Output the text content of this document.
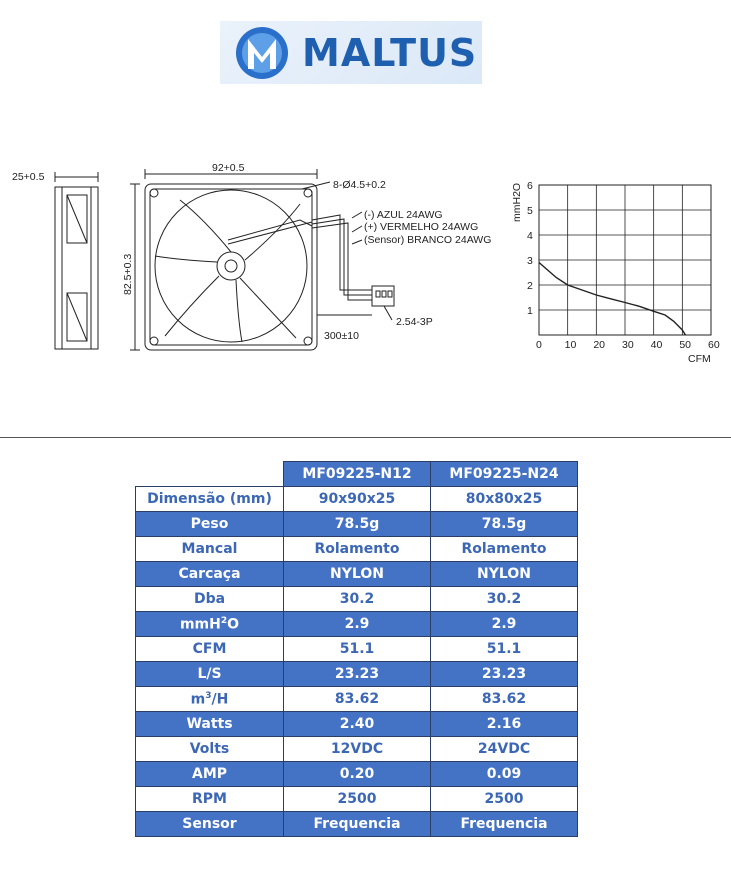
MALTUS
25+0.5
92+0.5
82.5+0.3
8-Ø4.5+0.2
(-) AZUL 24AWG
(+) VERMELHO 24AWG
(Sensor) BRANCO 24AWG
2.54-3P
300±10
0 10 20 30 40 50 60
1
2
3
4
5
6
CFM
mmH2O
	MF09225-N12	MF09225-N24
Dimensão (mm)	90x90x25	80x80x25
Peso	78.5g	78.5g
Mancal	Rolamento	Rolamento
Carcaça	NYLON	NYLON
Dba	30.2	30.2
mmH$^2$O	2.9	2.9
CFM	51.1	51.1
L/S	23.23	23.23
$m^3/H$	83.62	83.62
Watts	2.40	2.16
Volts	12VDC	24VDC
AMP	0.20	0.09
RPM	2500	2500
Sensor	Frequencia	Frequencia
